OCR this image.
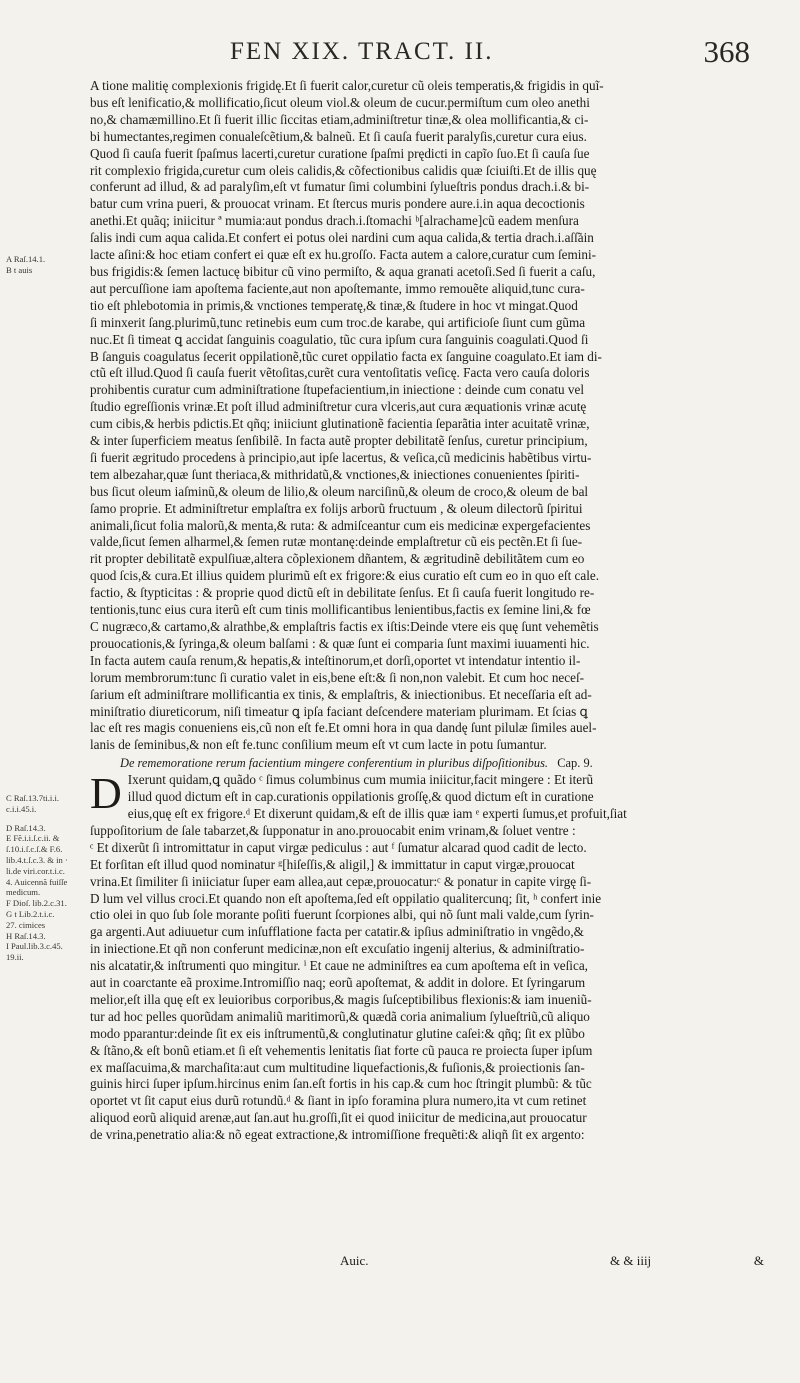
FEN XIX. TRACT. II.	368
A Raſ.14.1.
B t auis
C Raſ.13.7ti.i.i.
c.i.i.45.i.
D Raſ.14.3.
E Fẽ.i.i.ſ.c.ii. &
ſ.10.i.ſ.c.ſ.& F.6.
lib.4.t.ſ.c.3. & in ·
li.de viri.cor.t.i.c.
4. Auicennã fuiſſe
medicum.
F Dioſ. lib.2.c.31.
G t Lib.2.t.i.c.
27. cimices
H Raſ.14.3.
I Paul.lib.3.c.45.
19.ii.
A tione malitię complexionis frigidę.Et ſi fuerit calor,curetur cũ oleis temperatis,& frigidis in quĩ-
bus eſt lenificatio,& mollificatio,ſicut oleum viol.& oleum de cucur.permiſtum cum oleo anethi
no,& chamæmillino.Et ſi fuerit illic ſiccitas etiam,adminiſtretur tinæ,& olea mollificantia,& ci-
bi humectantes,regimen conualeſcẽtium,& balneũ. Et ſi cauſa fuerit paralyſis,curetur cura eius.
Quod ſi cauſa fuerit ſpaſmus lacerti,curetur curatione ſpaſmi prędicti in capĩo ſuo.Et ſi cauſa ſue
rit complexio frigida,curetur cum oleis calidis,& cõfectionibus calidis quæ ſciuiſti.Et de illis quę
conferunt ad illud, & ad paralyſim,eſt vt fumatur ſimi columbini ſylueſtris pondus drach.i.& bi-
batur cum vrina pueri, & prouocat vrinam. Et ſtercus muris pondere aure.i.in aqua decoctionis
anethi.Et quãq; iniicitur ª mumia:aut pondus drach.i.ſtomachi ᵇ[alrachame]cũ eadem menſura
ſalis indi cum aqua calida.Et confert ei potus olei nardini cum aqua calida,& tertia drach.i.aſſ̃ain
lacte aſini:& hoc etiam confert ei quæ eſt ex hu.groſſo. Facta autem a calore,curatur cum ſemini-
bus frigidis:& ſemen lactucę bibitur cũ vino permiſto, & aqua granati acetoſi.Sed ſi fuerit a caſu,
aut percuſſione iam apoſtema faciente,aut non apoſtemante, immo remouẽte aliquid,tunc cura-
tio eſt phlebotomia in primis,& vnctiones temperatę,& tinæ,& ſtudere in hoc vt mingat.Quod
ſi minxerit ſang.plurimũ,tunc retinebis eum cum troc.de karabe, qui artificioſe ſiunt cum gũma
nuc.Et ſi timeat ꝗ accidat ſanguinis coagulatio, tũc cura ipſum cura ſanguinis coagulati.Quod ſi
B ſanguis coagulatus ſecerit oppilationẽ,tũc curet oppilatio facta ex ſanguine coagulato.Et iam di-
ctũ eſt illud.Quod ſi cauſa fuerit vẽtoſitas,curẽt cura ventoſitatis veſicę. Facta vero cauſa doloris
prohibentis curatur cum adminiſtratione ſtupefacientium,in iniectione : deinde cum conatu vel
ſtudio egreſſionis vrinæ.Et poſt illud adminiſtretur cura vlceris,aut cura æquationis vrinæ acutę
cum cibis,& herbis pdictis.Et qñq; iniiciunt glutinationẽ facientia ſeparãtia inter acuitatẽ vrinæ,
& inter ſuperficiem meatus ſenſibilẽ. In facta autẽ propter debilitatẽ ſenſus, curetur principium,
ſi fuerit ægritudo procedens à principio,aut ipſe lacertus, & veſica,cũ medicinis habẽtibus virtu-
tem albezahar,quæ ſunt theriaca,& mithridatũ,& vnctiones,& iniectiones conuenientes ſpiriti-
bus ſicut oleum iaſminũ,& oleum de lilio,& oleum narciſinũ,& oleum de croco,& oleum de bal
ſamo proprie. Et adminiſtretur emplaſtra ex folijs arborũ fructuum , & oleum dilectorũ ſpiritui
animali,ſicut folia malorũ,& menta,& ruta: & admiſceantur cum eis medicinæ expergefacientes
valde,ſicut ſemen alharmel,& ſemen rutæ montanę:deinde emplaſtretur cũ eis pectẽn.Et ſi ſue-
rit propter debilitatẽ expulſiuæ,altera cõplexionem dñantem, & ægritudinẽ debilitãtem cum eo
quod ſcis,& cura.Et illius quidem plurimũ eſt ex frigore:& eius curatio eſt cum eo in quo eſt cale.
factio, & ſtypticitas : & proprie quod dictũ eſt in debilitate ſenſus. Et ſi cauſa fuerit longitudo re-
tentionis,tunc eius cura iterũ eſt cum tinis mollificantibus lenientibus,factis ex ſemine lini,& fœ
C nugræco,& cartamo,& alrathbe,& emplaſtris factis ex iſtis:Deinde vtere eis quę ſunt vehemẽtis
prouocationis,& ſyringa,& oleum balſami : & quæ ſunt ei comparia ſunt maximi iuuamenti hic.
In facta autem cauſa renum,& hepatis,& inteſtinorum,et dorſi,oportet vt intendatur intentio il-
lorum membrorum:tunc ſi curatio valet in eis,bene eſt:& ſi non,non valebit. Et cum hoc neceſ-
ſarium eſt adminiſtrare mollificantia ex tinis, & emplaſtris, & iniectionibus. Et neceſſaria eſt ad-
miniſtratio diureticorum, niſi timeatur ꝗ ipſa faciant deſcendere materiam plurimam. Et ſcias ꝗ
lac eſt res magis conueniens eis,cũ non eſt fe.Et omni hora in qua dandę ſunt pilulæ ſimiles auel-
lanis de ſeminibus,& non eſt fe.tunc conſilium meum eſt vt cum lacte in potu ſumantur.
De rememoratione rerum facientium mingere conferentium in pluribus diſpoſitionibus. Cap. 9.
D Ixerunt quidam,ꝗ quãdo ᶜ ſimus columbinus cum mumia iniicitur,facit mingere : Et iterũ
illud quod dictum eſt in cap.curationis oppilationis groſſę,& quod dictum eſt in curatione
eius,quę eſt ex frigore.ᵈ Et dixerunt quidam,& eſt de illis quæ iam ᵉ experti ſumus,et profuit,ſiat
ſuppoſitorium de ſale tabarzet,& ſupponatur in ano.prouocabit enim vrinam,& ſoluet ventre :
ᶜ Et dixerũt ſi intromittatur in caput virgæ pediculus : aut ᶠ ſumatur alcarad quod cadit de lecto.
Et forſitan eſt illud quod nominatur ᵍ[hiſeſſis,& aligil,] & immittatur in caput virgæ,prouocat
vrina.Et ſimiliter ſi iniiciatur ſuper eam allea,aut cepæ,prouocatur:ᶜ & ponatur in capite virgę ſi-
D lum vel villus croci.Et quando non eſt apoſtema,ſed eſt oppilatio qualitercunq; ſit, ʰ confert inie
ctio olei in quo ſub ſole morante poſiti fuerunt ſcorpiones albi, qui nõ ſunt mali valde,cum ſyrin-
ga argenti.Aut adiuuetur cum inſufflatione facta per catatir.& ipſius adminiſtratio in vngẽdo,&
in iniectione.Et qñ non conferunt medicinæ,non eſt excuſatio ingenij alterius, & adminiſtratio-
nis alcatatir,& inſtrumenti quo mingitur. ⁱ Et caue ne adminiſtres ea cum apoſtema eſt in veſica,
aut in coarctante eã proxime.Intromiſſio naq; eorũ apoſtemat, & addit in dolore. Et ſyringarum
melior,eſt illa quę eſt ex leuioribus corporibus,& magis ſuſceptibilibus flexionis:& iam inueniũ-
tur ad hoc pelles quorũdam animaliũ maritimorũ,& quædã coria animalium ſylueſtriũ,cũ aliquo
modo pparantur:deinde ſit ex eis inſtrumentũ,& conglutinatur glutine caſei:& qñq; ſit ex plũbo
& ſtãno,& eſt bonũ etiam.et ſi eſt vehementis lenitatis ſiat forte cũ pauca re proiecta ſuper ipſum
ex maſſacuima,& marchaſita:aut cum multitudine liquefactionis,& fuſionis,& proiectionis ſan-
guinis hirci ſuper ipſum.hircinus enim ſan.eſt fortis in his cap.& cum hoc ſtringit plumbũ: & tũc
oportet vt ſit caput eius durũ rotundũ.ᵈ & ſiant in ipſo foramina plura numero,ita vt cum retinet
aliquod eorũ aliquid arenæ,aut ſan.aut hu.groſſi,ſit ei quod iniicitur de medicina,aut prouocatur
de vrina,penetratio alia:& nõ egeat extractione,& intromiſſione frequẽti:& aliqñ ſit ex argento:
Auic.	& & iiij	&
